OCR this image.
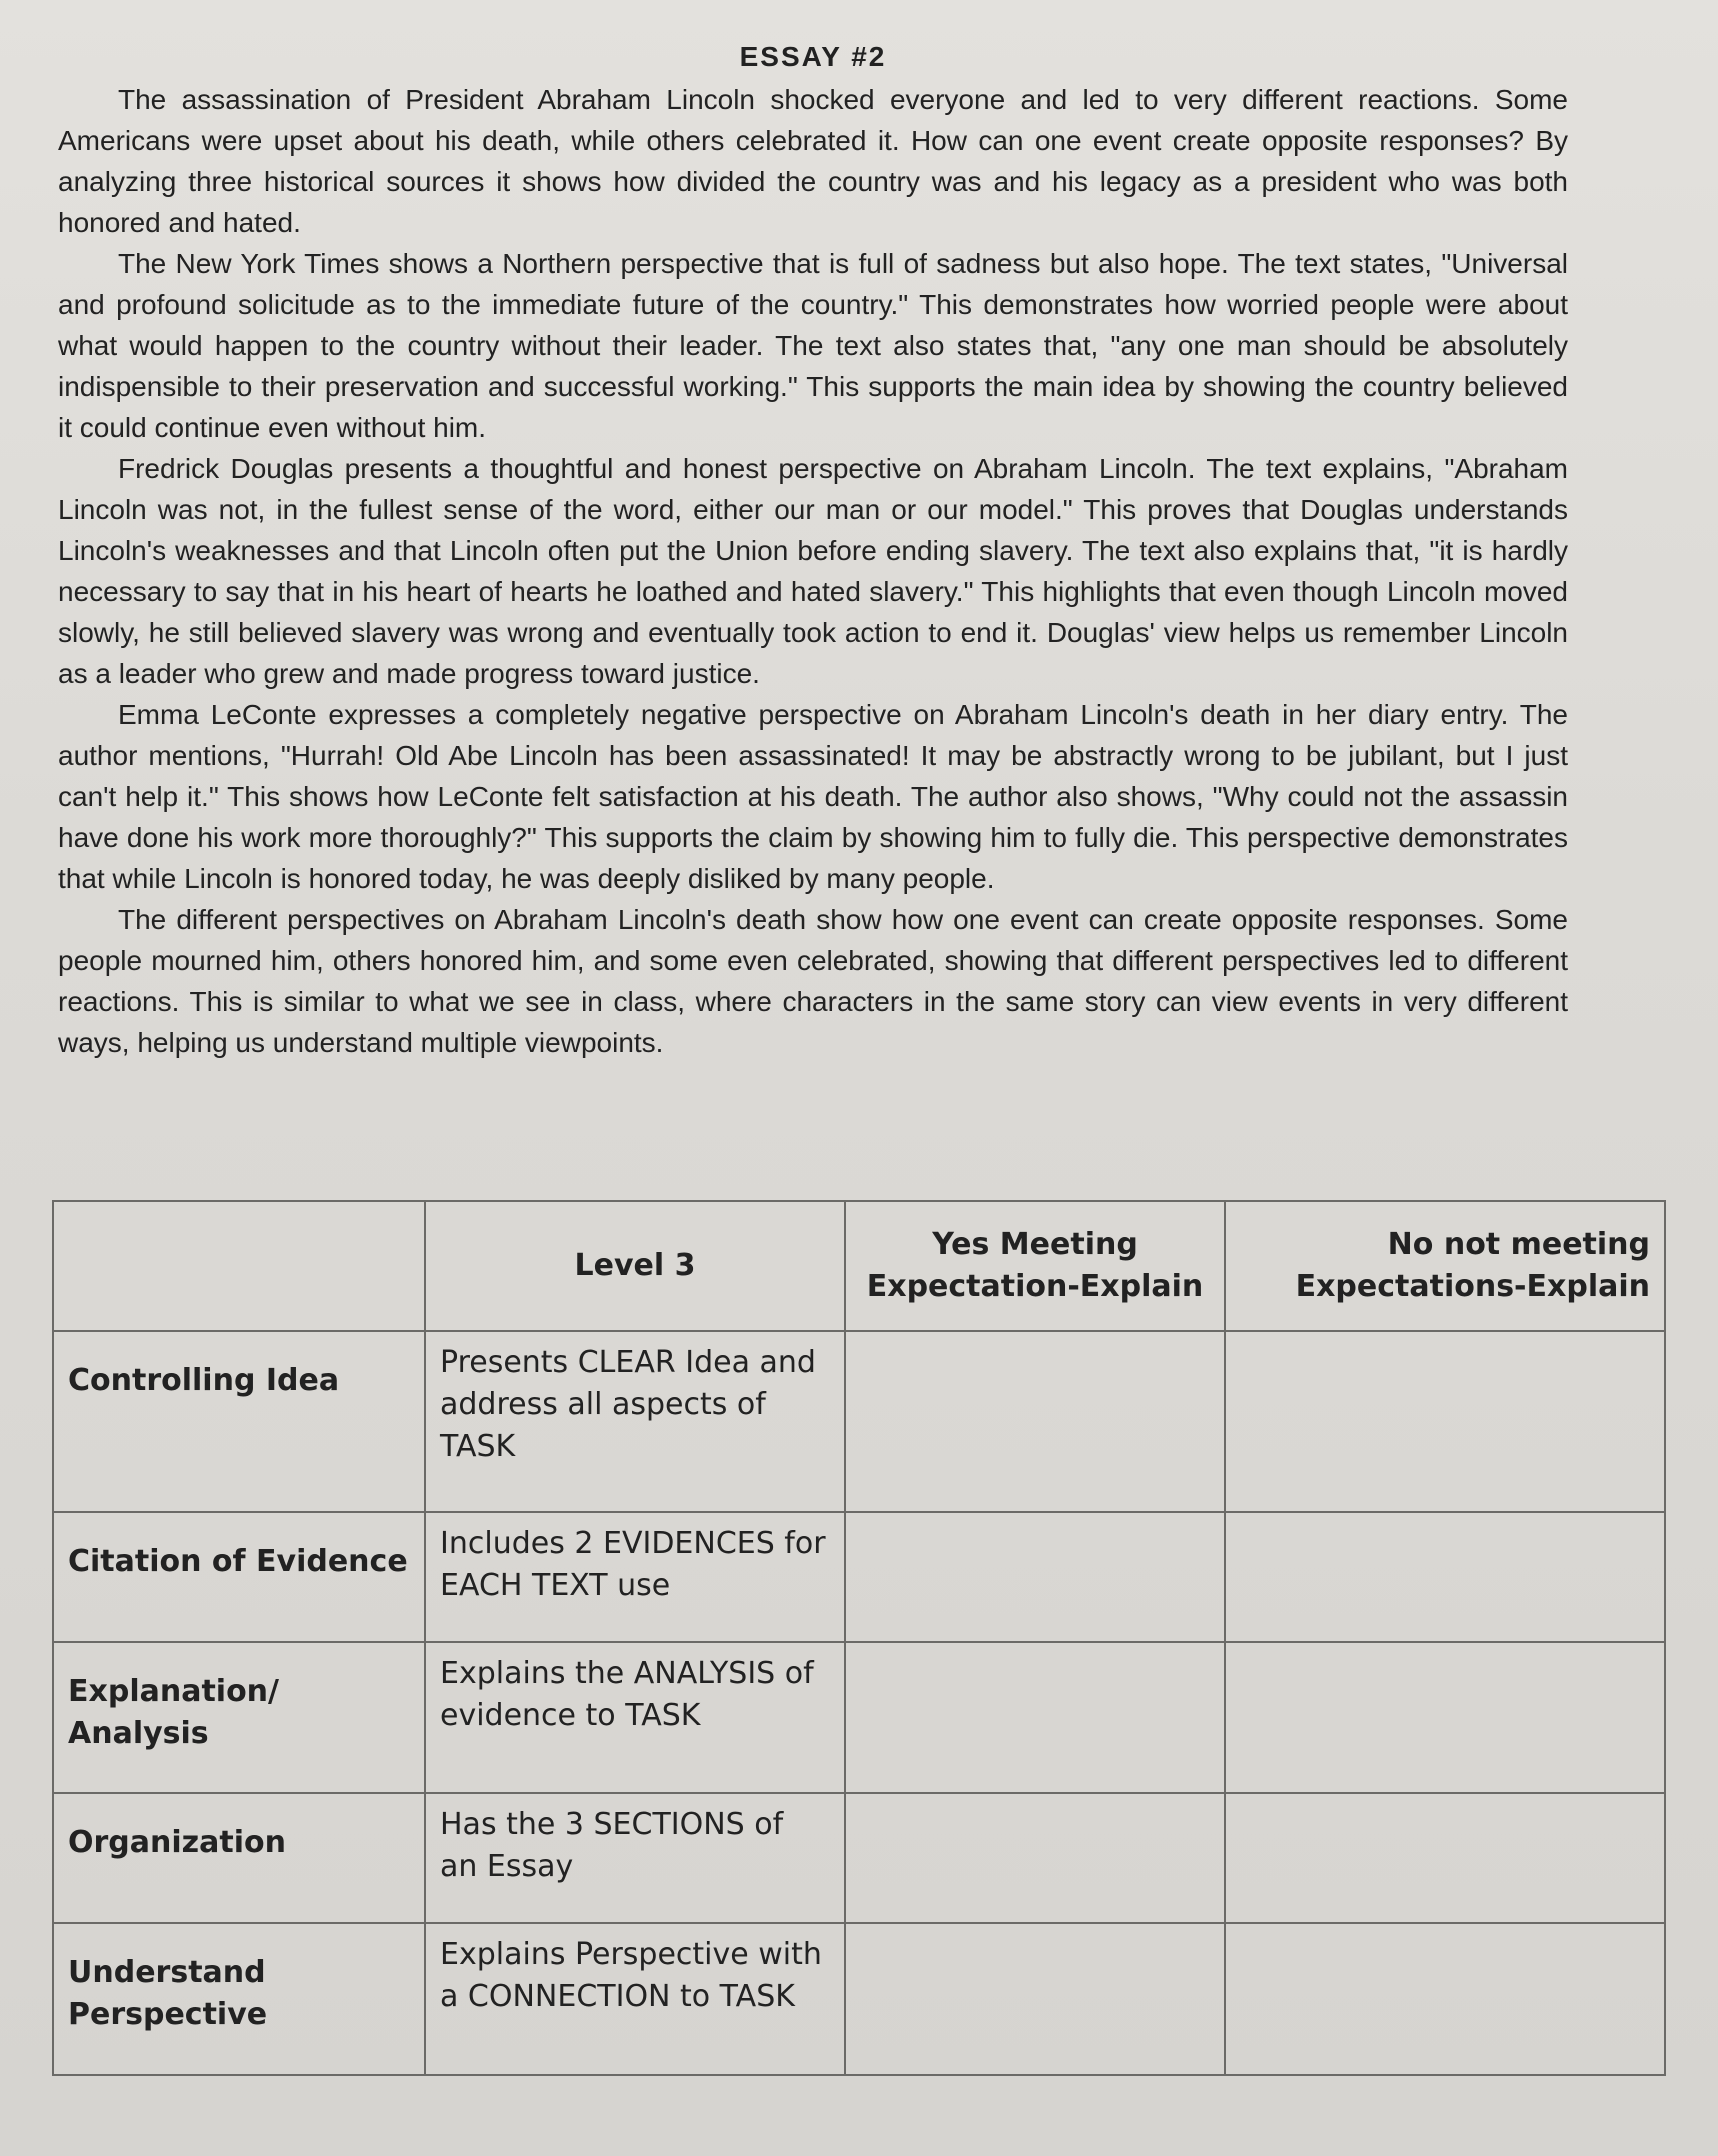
ESSAY #2

The assassination of President Abraham Lincoln shocked everyone and led to very different reactions. Some Americans were upset about his death, while others celebrated it. How can one event create opposite responses? By analyzing three historical sources it shows how divided the country was and his legacy as a president who was both honored and hated.

The New York Times shows a Northern perspective that is full of sadness but also hope. The text states, "Universal and profound solicitude as to the immediate future of the country." This demonstrates how worried people were about what would happen to the country without their leader. The text also states that, "any one man should be absolutely indispensible to their preservation and successful working." This supports the main idea by showing the country believed it could continue even without him.

Fredrick Douglas presents a thoughtful and honest perspective on Abraham Lincoln. The text explains, "Abraham Lincoln was not, in the fullest sense of the word, either our man or our model." This proves that Douglas understands Lincoln's weaknesses and that Lincoln often put the Union before ending slavery. The text also explains that, "it is hardly necessary to say that in his heart of hearts he loathed and hated slavery." This highlights that even though Lincoln moved slowly, he still believed slavery was wrong and eventually took action to end it. Douglas' view helps us remember Lincoln as a leader who grew and made progress toward justice.

Emma LeConte expresses a completely negative perspective on Abraham Lincoln's death in her diary entry. The author mentions, "Hurrah! Old Abe Lincoln has been assassinated! It may be abstractly wrong to be jubilant, but I just can't help it." This shows how LeConte felt satisfaction at his death. The author also shows, "Why could not the assassin have done his work more thoroughly?" This supports the claim by showing him to fully die. This perspective demonstrates that while Lincoln is honored today, he was deeply disliked by many people.

The different perspectives on Abraham Lincoln's death show how one event can create opposite responses. Some people mourned him, others honored him, and some even celebrated, showing that different perspectives led to different reactions. This is similar to what we see in class, where characters in the same story can view events in very different ways, helping us understand multiple viewpoints.

	Level 3	Yes Meeting Expectation-Explain	No not meeting Expectations-Explain
Controlling Idea	Presents CLEAR Idea and address all aspects of TASK		
Citation of Evidence	Includes 2 EVIDENCES for EACH TEXT use		
Explanation/ Analysis	Explains the ANALYSIS of evidence to TASK		
Organization	Has the 3 SECTIONS of an Essay		
Understand Perspective	Explains Perspective with a CONNECTION to TASK		
